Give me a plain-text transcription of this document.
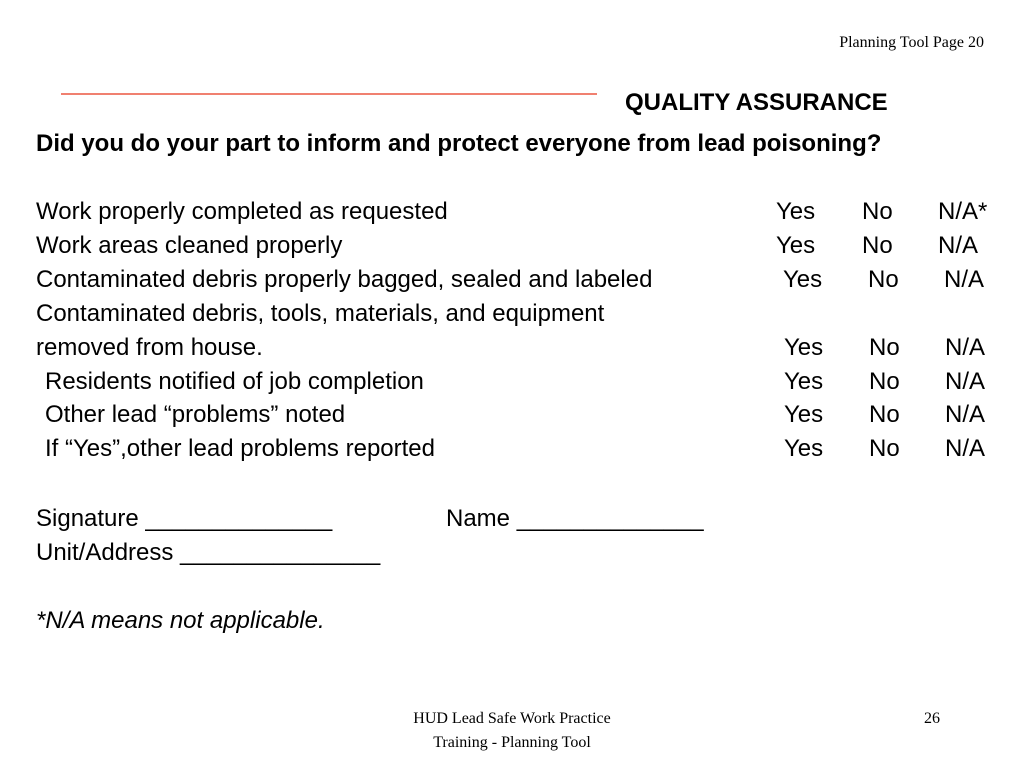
Planning Tool Page 20
QUALITY ASSURANCE
Did you do your part to inform and protect everyone from lead poisoning?
Work properly completed as requested	Yes No N/A*
Work areas cleaned properly	Yes No N/A
Contaminated debris properly bagged, sealed and labeled	Yes No N/A
Contaminated debris, tools, materials, and equipment
removed from house.	Yes No N/A
Residents notified of job completion	Yes No N/A
Other lead “problems” noted	Yes No N/A
If “Yes”,other lead problems reported	Yes No N/A
Signature ______________	Name ______________
Unit/Address _______________
*N/A means not applicable.
HUD Lead Safe Work Practice
Training - Planning Tool
26
